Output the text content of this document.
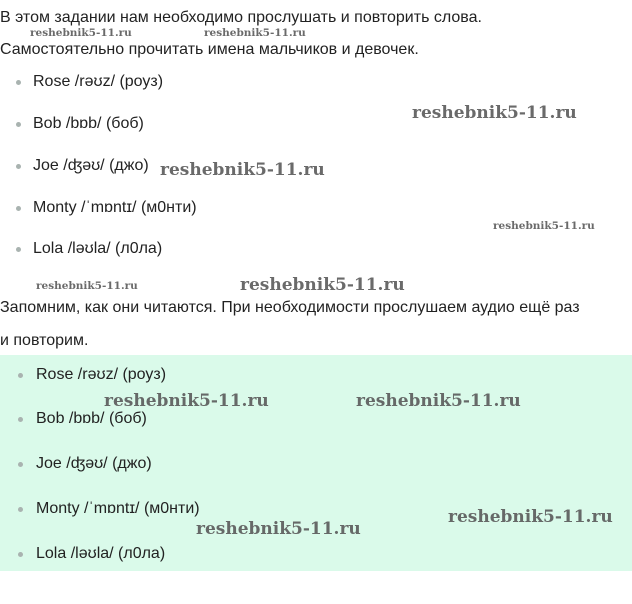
В этом задании нам необходимо прослушать и повторить слова.
Самостоятельно прочитать имена мальчиков и девочек.
Rose /rəʊz/ (роуз)
Bob /bɒb/ (боб)
Joe /ʤəʊ/ (джо)
Monty /ˈmɒntɪ/ (м0нти)
Lola /ləʊla/ (л0ла)
Запомним, как они читаются. При необходимости прослушаем аудио ещё раз
и повторим.
Rose /rəʊz/ (роуз)
Bob /bɒb/ (боб)
Joe /ʤəʊ/ (джо)
Monty /ˈmɒntɪ/ (м0нти)
Lola /ləʊla/ (л0ла)
reshebnik5-11.ru	reshebnik5-11.ru
reshebnik5-11.ru
reshebnik5-11.ru
reshebnik5-11.ru
reshebnik5-11.ru	reshebnik5-11.ru
reshebnik5-11.ru	reshebnik5-11.ru
reshebnik5-11.ru
reshebnik5-11.ru
